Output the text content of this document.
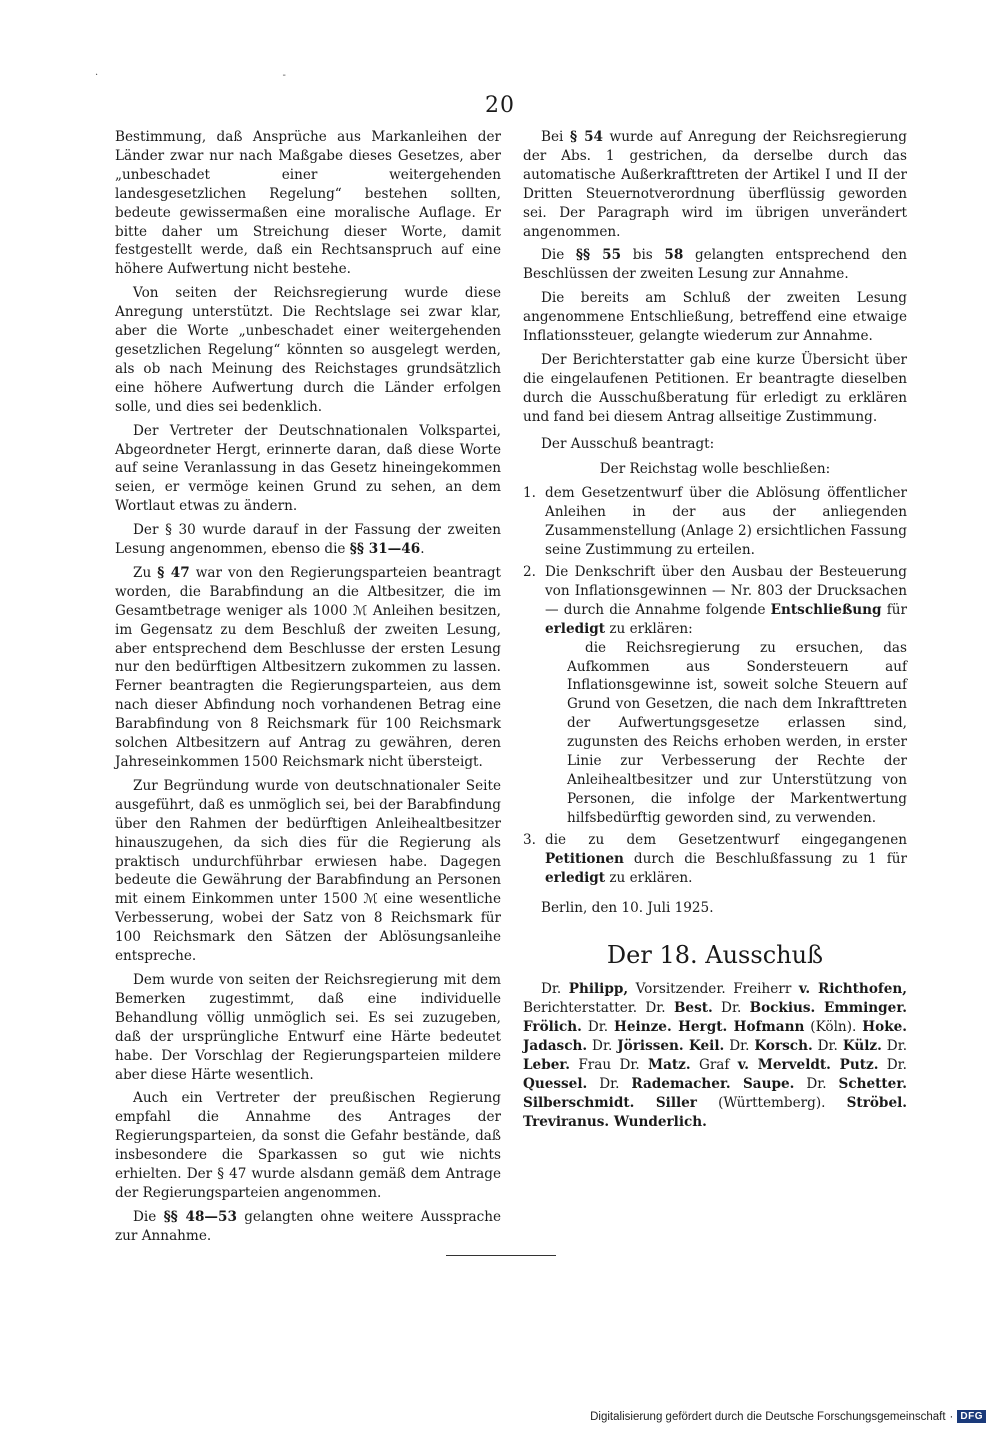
·                                                          -
20

Bestimmung, daß Ansprüche aus Markanleihen der Länder zwar nur nach Maßgabe dieses Gesetzes, aber „unbeschadet einer weitergehenden landesgesetzlichen Regelung“ bestehen sollten, bedeute gewissermaßen eine moralische Auflage. Er bitte daher um Streichung dieser Worte, damit festgestellt werde, daß ein Rechtsanspruch auf eine höhere Aufwertung nicht bestehe.

Von seiten der Reichsregierung wurde diese Anregung unterstützt. Die Rechtslage sei zwar klar, aber die Worte „unbeschadet einer weitergehenden gesetzlichen Regelung“ könnten so ausgelegt werden, als ob nach Meinung des Reichstages grundsätzlich eine höhere Aufwertung durch die Länder erfolgen solle, und dies sei bedenklich.

Der Vertreter der Deutschnationalen Volkspartei, Abgeordneter Hergt, erinnerte daran, daß diese Worte auf seine Veranlassung in das Gesetz hineingekommen seien, er vermöge keinen Grund zu sehen, an dem Wortlaut etwas zu ändern.

Der § 30 wurde darauf in der Fassung der zweiten Lesung angenommen, ebenso die §§ 31—46.

Zu § 47 war von den Regierungsparteien beantragt worden, die Barabfindung an die Altbesitzer, die im Gesamtbetrage weniger als 1000 ℳ Anleihen besitzen, im Gegensatz zu dem Beschluß der zweiten Lesung, aber entsprechend dem Beschlusse der ersten Lesung nur den bedürftigen Altbesitzern zukommen zu lassen. Ferner beantragten die Regierungsparteien, aus dem nach dieser Abfindung noch vorhandenen Betrag eine Barabfindung von 8 Reichsmark für 100 Reichsmark solchen Altbesitzern auf Antrag zu gewähren, deren Jahreseinkommen 1500 Reichsmark nicht übersteigt.

Zur Begründung wurde von deutschnationaler Seite ausgeführt, daß es unmöglich sei, bei der Barabfindung über den Rahmen der bedürftigen Anleihealtbesitzer hinauszugehen, da sich dies für die Regierung als praktisch undurchführbar erwiesen habe. Dagegen bedeute die Gewährung der Barabfindung an Personen mit einem Einkommen unter 1500 ℳ eine wesentliche Verbesserung, wobei der Satz von 8 Reichsmark für 100 Reichsmark den Sätzen der Ablösungsanleihe entspreche.

Dem wurde von seiten der Reichsregierung mit dem Bemerken zugestimmt, daß eine individuelle Behandlung völlig unmöglich sei. Es sei zuzugeben, daß der ursprüngliche Entwurf eine Härte bedeutet habe. Der Vorschlag der Regierungsparteien mildere aber diese Härte wesentlich.

Auch ein Vertreter der preußischen Regierung empfahl die Annahme des Antrages der Regierungsparteien, da sonst die Gefahr bestände, daß insbesondere die Sparkassen so gut wie nichts erhielten. Der § 47 wurde alsdann gemäß dem Antrage der Regierungsparteien angenommen.

Die §§ 48—53 gelangten ohne weitere Aussprache zur Annahme.

Bei § 54 wurde auf Anregung der Reichsregierung der Abs. 1 gestrichen, da derselbe durch das automatische Außerkrafttreten der Artikel I und II der Dritten Steuernotverordnung überflüssig geworden sei. Der Paragraph wird im übrigen unverändert angenommen.

Die §§ 55 bis 58 gelangten entsprechend den Beschlüssen der zweiten Lesung zur Annahme.

Die bereits am Schluß der zweiten Lesung angenommene Entschließung, betreffend eine etwaige Inflationssteuer, gelangte wiederum zur Annahme.

Der Berichterstatter gab eine kurze Übersicht über die eingelaufenen Petitionen. Er beantragte dieselben durch die Ausschußberatung für erledigt zu erklären und fand bei diesem Antrag allseitige Zustimmung.

Der Ausschuß beantragt:

Der Reichstag wolle beschließen:

1. dem Gesetzentwurf über die Ablösung öffentlicher Anleihen in der aus der anliegenden Zusammenstellung (Anlage 2) ersichtlichen Fassung seine Zustimmung zu erteilen.
2. Die Denkschrift über den Ausbau der Besteuerung von Inflationsgewinnen — Nr. 803 der Drucksachen — durch die Annahme folgende Entschließung für erledigt zu erklären:

die Reichsregierung zu ersuchen, das Aufkommen aus Sondersteuern auf Inflationsgewinne ist, soweit solche Steuern auf Grund von Gesetzen, die nach dem Inkrafttreten der Aufwertungsgesetze erlassen sind, zugunsten des Reichs erhoben werden, in erster Linie zur Verbesserung der Rechte der Anleihealtbesitzer und zur Unterstützung von Personen, die infolge der Markentwertung hilfsbedürftig geworden sind, zu verwenden.

3. die zu dem Gesetzentwurf eingegangenen Petitionen durch die Beschlußfassung zu 1 für erledigt zu erklären.

Berlin, den 10. Juli 1925.

Der 18. Ausschuß

Dr. Philipp, Vorsitzender. Freiherr v. Richthofen, Berichterstatter. Dr. Best. Dr. Bockius. Emminger. Frölich. Dr. Heinze. Hergt. Hofmann (Köln). Hoke. Jadasch. Dr. Jörissen. Keil. Dr. Korsch. Dr. Külz. Dr. Leber. Frau Dr. Matz. Graf v. Merveldt. Putz. Dr. Quessel. Dr. Rademacher. Saupe. Dr. Schetter. Silberschmidt. Siller (Württemberg). Ströbel. Treviranus. Wunderlich.

Digitalisierung gefördert durch die Deutsche Forschungsgemeinschaft · DFG
